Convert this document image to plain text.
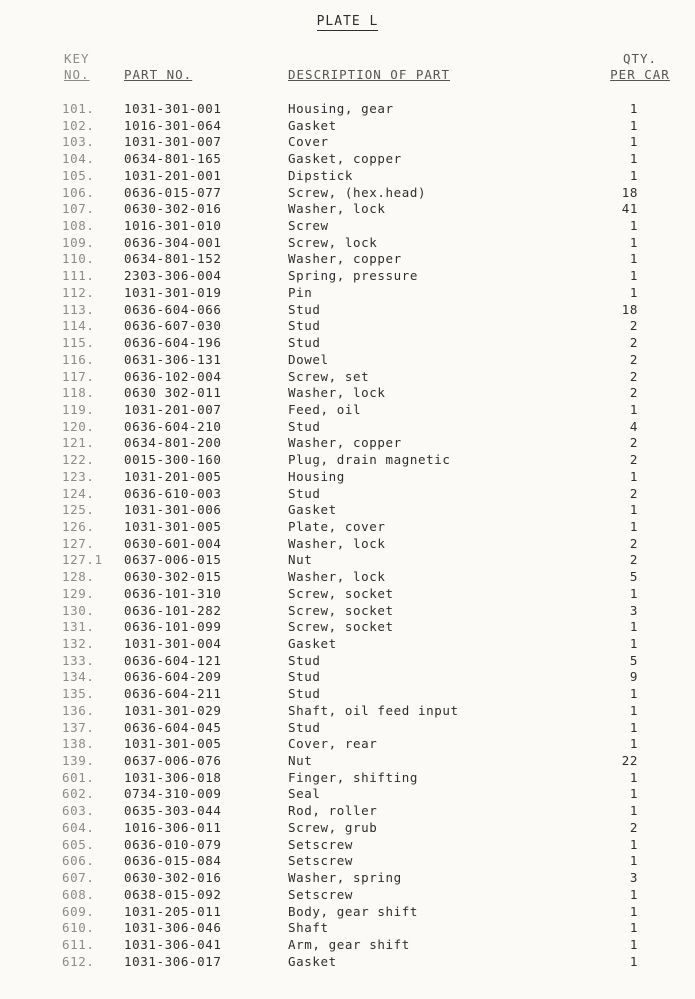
PLATE L
KEY
NO.	PART NO.	DESCRIPTION OF PART
QTY.
PER CAR
101. 1031-301-001	Housing, gear	1
102. 1016-301-064	Gasket	1
103. 1031-301-007	Cover	1
104. 0634-801-165	Gasket, copper	1
105. 1031-201-001	Dipstick	1
106. 0636-015-077	Screw, (hex.head)	18
107. 0630-302-016	Washer, lock	41
108. 1016-301-010	Screw	1
109. 0636-304-001	Screw, lock	1
110. 0634-801-152	Washer, copper	1
111. 2303-306-004	Spring, pressure	1
112. 1031-301-019	Pin	1
113. 0636-604-066	Stud	18
114. 0636-607-030	Stud	2
115. 0636-604-196	Stud	2
116. 0631-306-131	Dowel	2
117. 0636-102-004	Screw, set	2
118. 0630 302-011	Washer, lock	2
119. 1031-201-007	Feed, oil	1
120. 0636-604-210	Stud	4
121. 0634-801-200	Washer, copper	2
122. 0015-300-160	Plug, drain magnetic	2
123. 1031-201-005	Housing	1
124. 0636-610-003	Stud	2
125. 1031-301-006	Gasket	1
126. 1031-301-005	Plate, cover	1
127. 0630-601-004	Washer, lock	2
127.1 0637-006-015	Nut	2
128. 0630-302-015	Washer, lock	5
129. 0636-101-310	Screw, socket	1
130. 0636-101-282	Screw, socket	3
131. 0636-101-099	Screw, socket	1
132. 1031-301-004	Gasket	1
133. 0636-604-121	Stud	5
134. 0636-604-209	Stud	9
135. 0636-604-211	Stud	1
136. 1031-301-029	Shaft, oil feed input	1
137. 0636-604-045	Stud	1
138. 1031-301-005	Cover, rear	1
139. 0637-006-076	Nut	22
601. 1031-306-018	Finger, shifting	1
602. 0734-310-009	Seal	1
603. 0635-303-044	Rod, roller	1
604. 1016-306-011	Screw, grub	2
605. 0636-010-079	Setscrew	1
606. 0636-015-084	Setscrew	1
607. 0630-302-016	Washer, spring	3
608. 0638-015-092	Setscrew	1
609. 1031-205-011	Body, gear shift	1
610. 1031-306-046	Shaft	1
611. 1031-306-041	Arm, gear shift	1
612. 1031-306-017	Gasket	1
